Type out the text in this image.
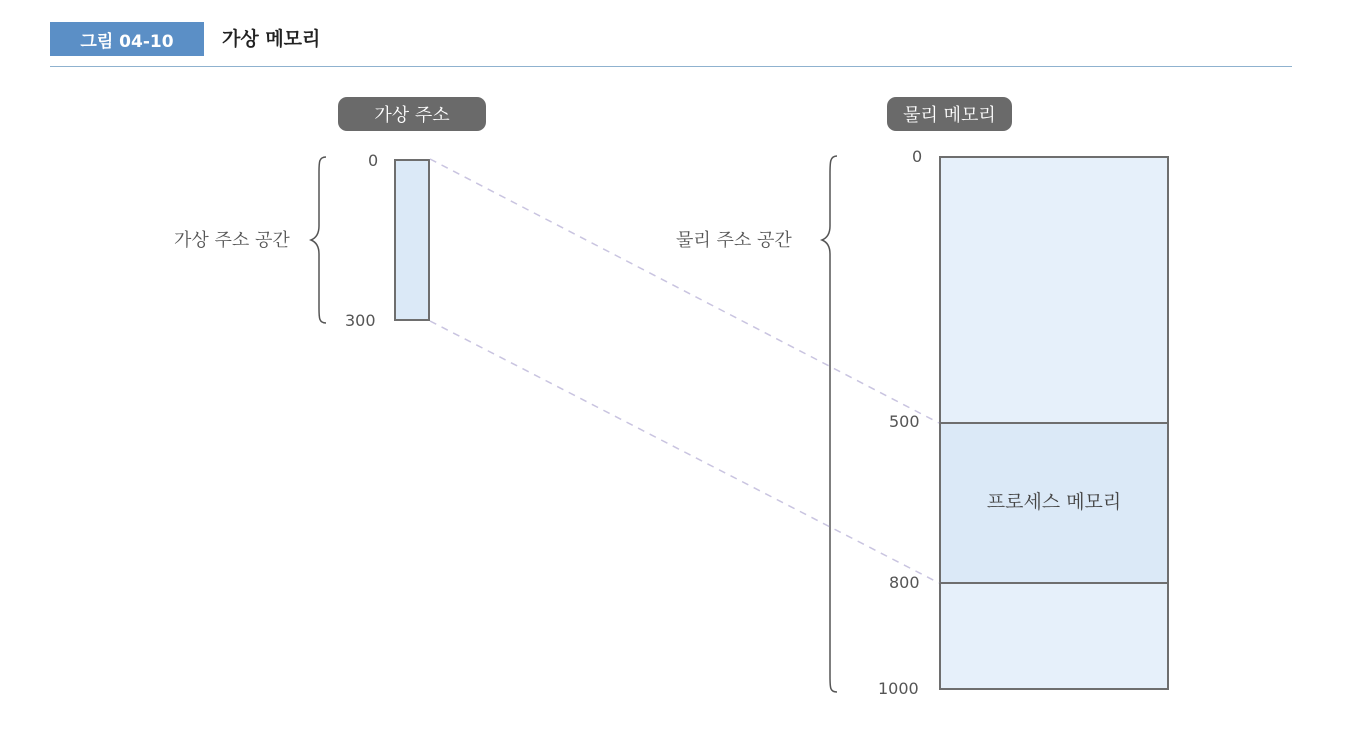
그림 04-10	가상 메모리
가상 주소	물리 메모리
가상 주소 공간	물리 주소 공간
0
300
0
500
800
1000
프로세스 메모리
